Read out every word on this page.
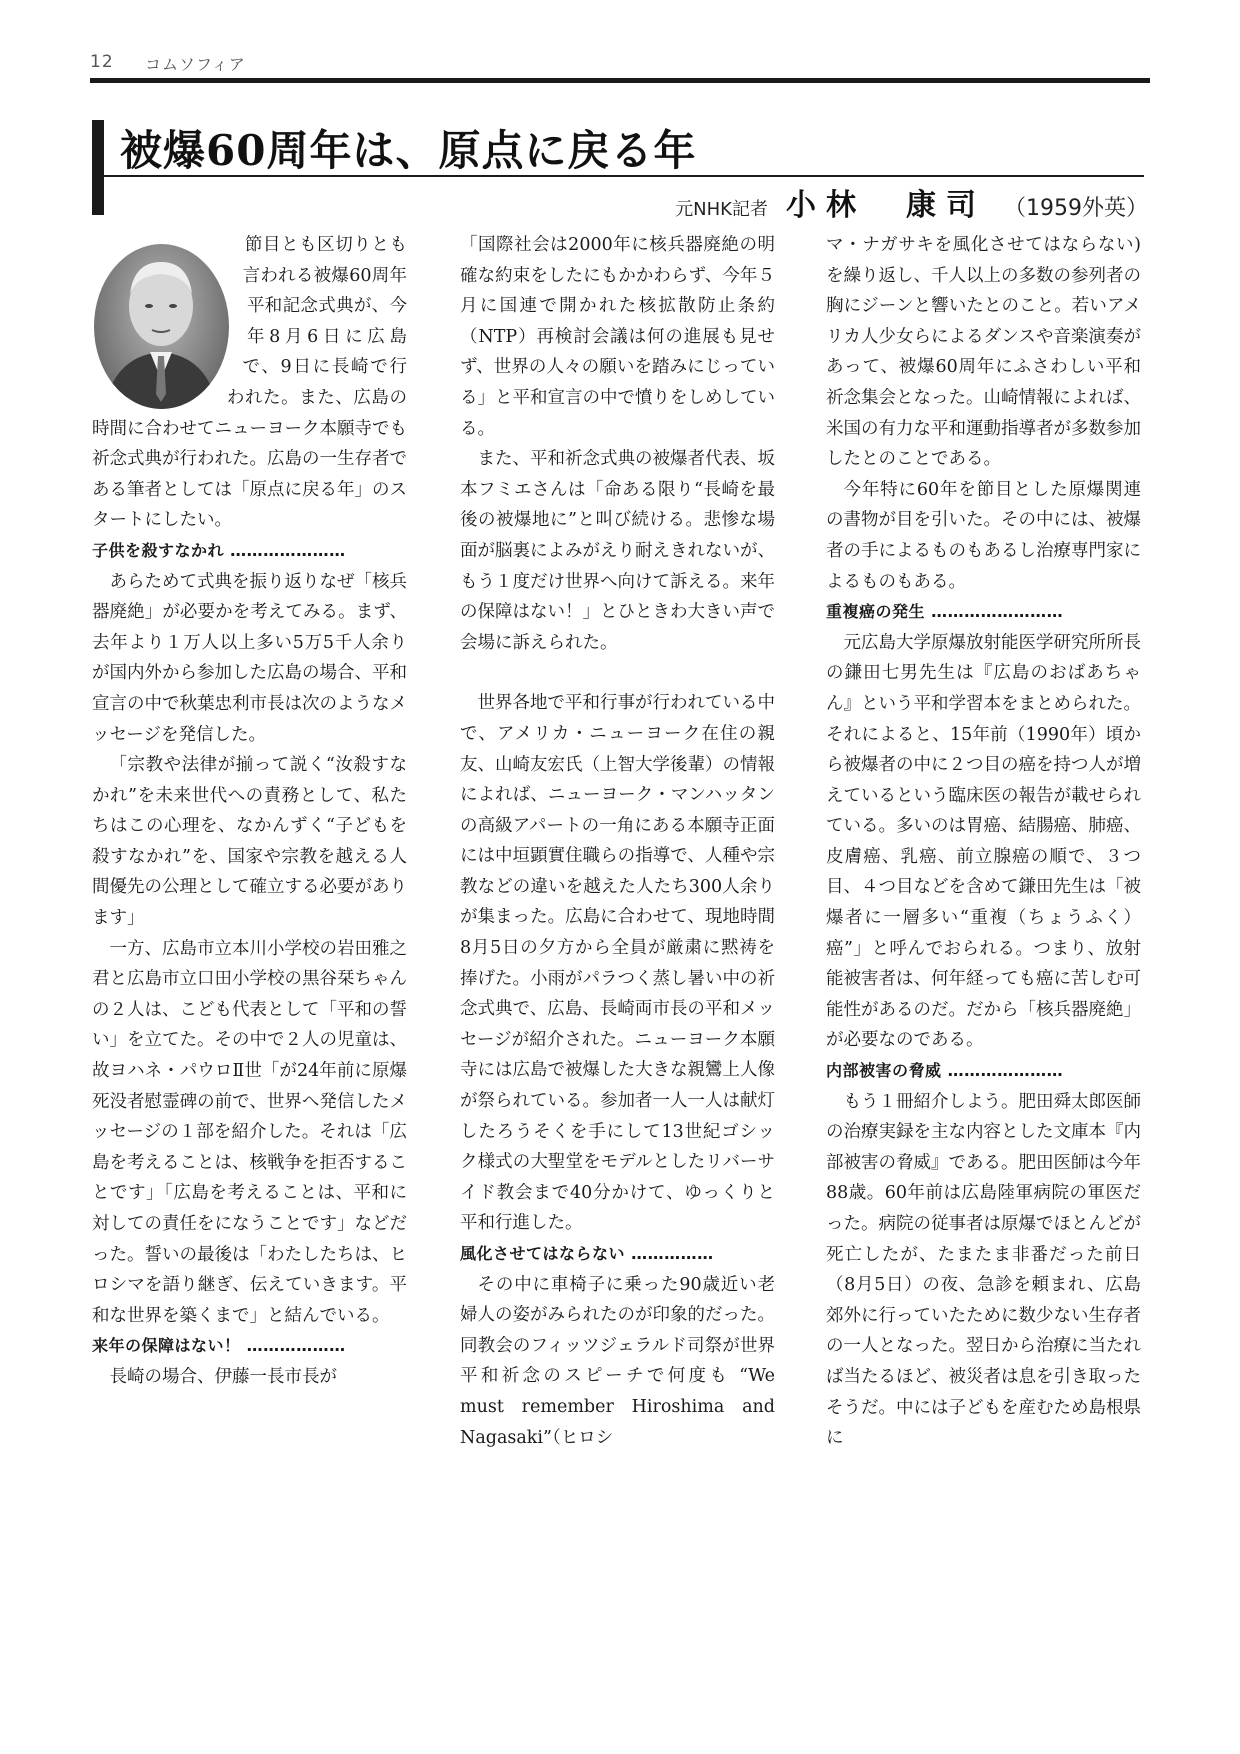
12 コムソフィア
被爆60周年は、原点に戻る年
元NHK記者 小林　康司 （1959外英）

節目とも区切りとも言われる被爆60周年平和記念式典が、今年8月6日に広島で、9日に長崎で行われた。また、広島の時間に合わせてニューヨーク本願寺でも祈念式典が行われた。広島の一生存者である筆者としては「原点に戻る年」のスタートにしたい。

子供を殺すなかれ …………………

あらためて式典を振り返りなぜ「核兵器廃絶」が必要かを考えてみる。まず、去年より１万人以上多い5万5千人余りが国内外から参加した広島の場合、平和宣言の中で秋葉忠利市長は次のようなメッセージを発信した。

「宗教や法律が揃って説く“汝殺すなかれ”を未来世代への責務として、私たちはこの心理を、なかんずく“子どもを殺すなかれ”を、国家や宗教を越える人間優先の公理として確立する必要があります」

一方、広島市立本川小学校の岩田雅之君と広島市立口田小学校の黒谷栞ちゃんの２人は、こども代表として「平和の誓い」を立てた。その中で２人の児童は、故ヨハネ・パウロⅡ世「が24年前に原爆死没者慰霊碑の前で、世界へ発信したメッセージの１部を紹介した。それは「広島を考えることは、核戦争を拒否することです」「広島を考えることは、平和に対しての責任をになうことです」などだった。誓いの最後は「わたしたちは、ヒロシマを語り継ぎ、伝えていきます。平和な世界を築くまで」と結んでいる。

来年の保障はない！ ………………

長崎の場合、伊藤一長市長が

「国際社会は2000年に核兵器廃絶の明確な約束をしたにもかかわらず、今年５月に国連で開かれた核拡散防止条約（NTP）再検討会議は何の進展も見せず、世界の人々の願いを踏みにじっている」と平和宣言の中で憤りをしめしている。

また、平和祈念式典の被爆者代表、坂本フミエさんは「命ある限り“長崎を最後の被爆地に”と叫び続ける。悲惨な場面が脳裏によみがえり耐えきれないが、もう１度だけ世界へ向けて訴える。来年の保障はない！」とひときわ大きい声で会場に訴えられた。

世界各地で平和行事が行われている中で、アメリカ・ニューヨーク在住の親友、山崎友宏氏（上智大学後輩）の情報によれば、ニューヨーク・マンハッタンの高級アパートの一角にある本願寺正面には中垣顕實住職らの指導で、人種や宗教などの違いを越えた人たち300人余りが集まった。広島に合わせて、現地時間8月5日の夕方から全員が厳粛に黙祷を捧げた。小雨がパラつく蒸し暑い中の祈念式典で、広島、長崎両市長の平和メッセージが紹介された。ニューヨーク本願寺には広島で被爆した大きな親鸞上人像が祭られている。参加者一人一人は献灯したろうそくを手にして13世紀ゴシック様式の大聖堂をモデルとしたリバーサイド教会まで40分かけて、ゆっくりと平和行進した。

風化させてはならない ……………

その中に車椅子に乗った90歳近い老婦人の姿がみられたのが印象的だった。同教会のフィッツジェラルド司祭が世界平和祈念のスピーチで何度も “We must remember Hiroshima and Nagasaki”（ヒロシ

マ・ナガサキを風化させてはならない)を繰り返し、千人以上の多数の参列者の胸にジーンと響いたとのこと。若いアメリカ人少女らによるダンスや音楽演奏があって、被爆60周年にふさわしい平和祈念集会となった。山崎情報によれば、米国の有力な平和運動指導者が多数参加したとのことである。

今年特に60年を節目とした原爆関連の書物が目を引いた。その中には、被爆者の手によるものもあるし治療専門家によるものもある。

重複癌の発生 ……………………

元広島大学原爆放射能医学研究所所長の鎌田七男先生は『広島のおばあちゃん』という平和学習本をまとめられた。それによると、15年前（1990年）頃から被爆者の中に２つ目の癌を持つ人が増えているという臨床医の報告が載せられている。多いのは胃癌、結腸癌、肺癌、皮膚癌、乳癌、前立腺癌の順で、３つ目、４つ目などを含めて鎌田先生は「被爆者に一層多い“重複（ちょうふく）癌”」と呼んでおられる。つまり、放射能被害者は、何年経っても癌に苦しむ可能性があるのだ。だから「核兵器廃絶」が必要なのである。

内部被害の脅威 …………………

もう１冊紹介しよう。肥田舜太郎医師の治療実録を主な内容とした文庫本『内部被害の脅威』である。肥田医師は今年88歳。60年前は広島陸軍病院の軍医だった。病院の従事者は原爆でほとんどが死亡したが、たまたま非番だった前日（8月5日）の夜、急診を頼まれ、広島郊外に行っていたために数少ない生存者の一人となった。翌日から治療に当たれば当たるほど、被災者は息を引き取ったそうだ。中には子どもを産むため島根県に
